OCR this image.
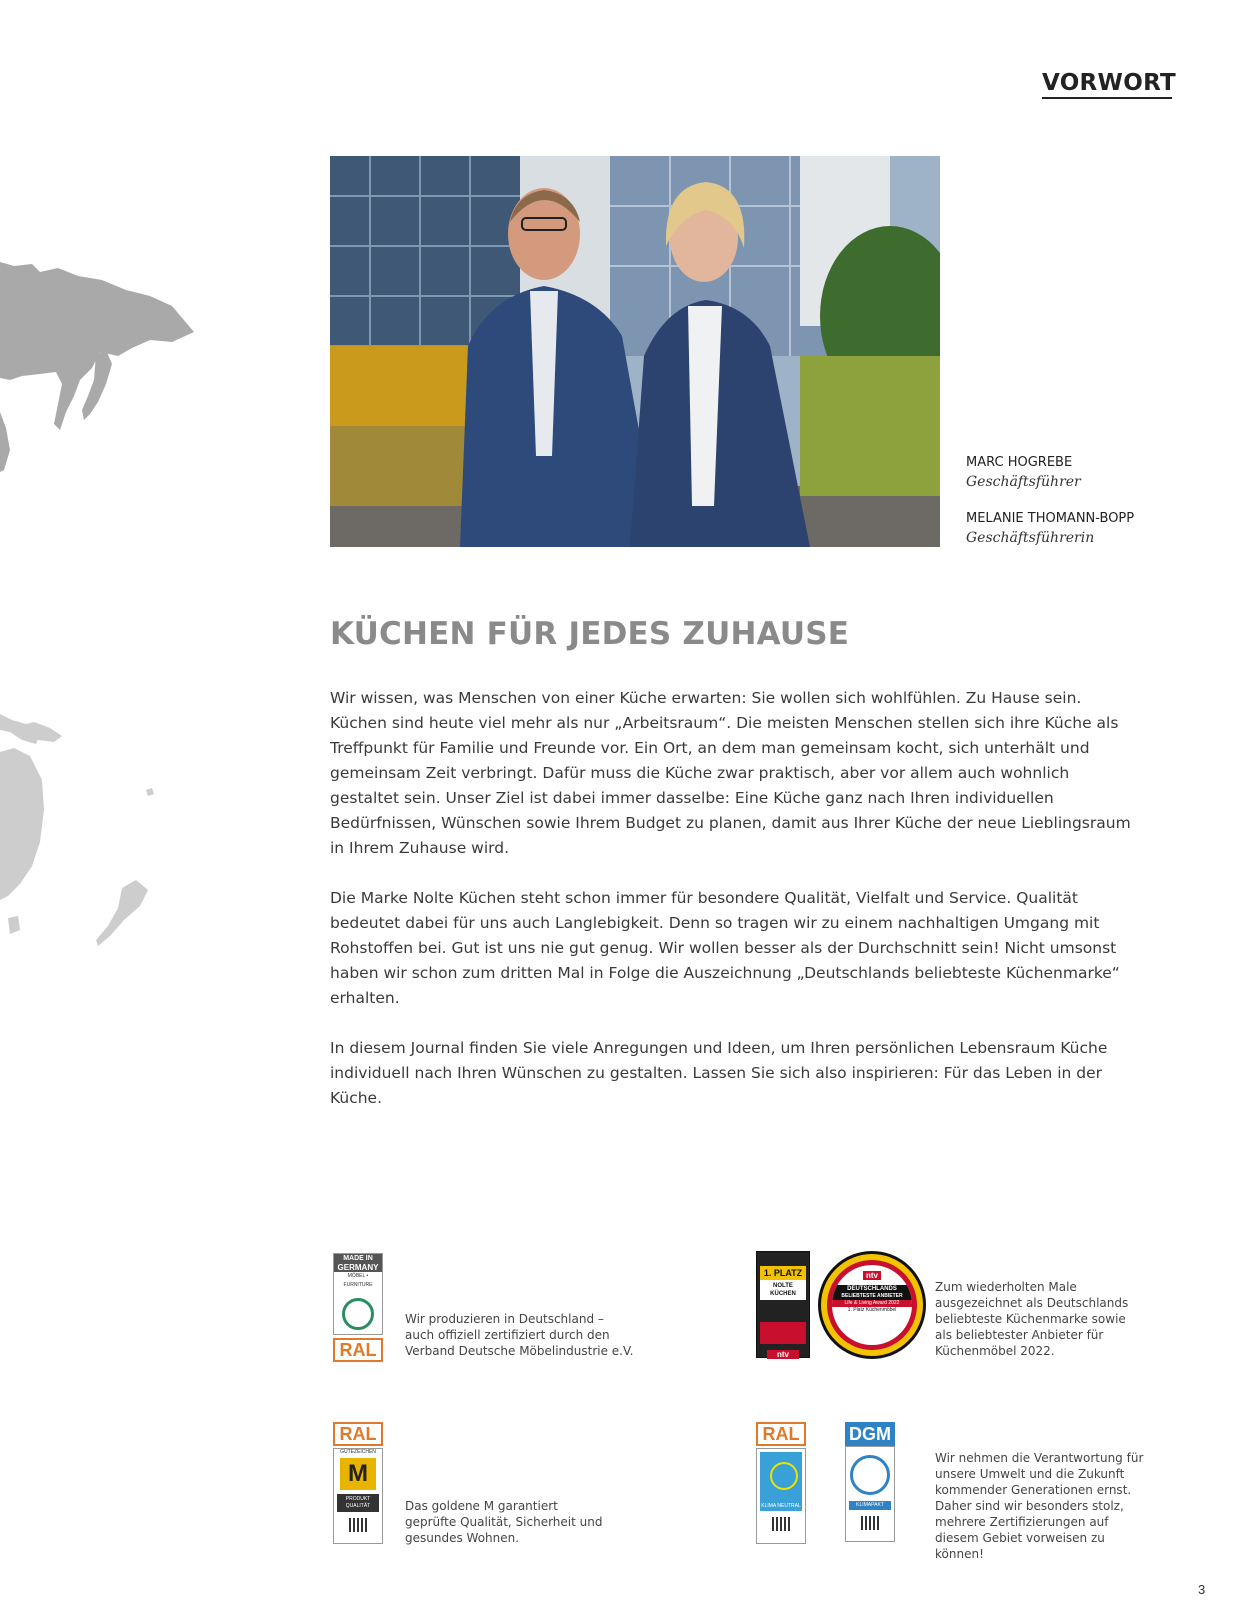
VORWORT
MARC HOGREBE
Geschäftsführer
MELANIE THOMANN-BOPP
Geschäftsführerin
KÜCHEN FÜR JEDES ZUHAUSE

Wir wissen, was Menschen von einer Küche erwarten: Sie wollen sich wohlfühlen. Zu Hause sein. Küchen sind heute viel mehr als nur „Arbeitsraum“. Die meisten Menschen stellen sich ihre Küche als Treffpunkt für Familie und Freunde vor. Ein Ort, an dem man gemeinsam kocht, sich unterhält und gemeinsam Zeit verbringt. Dafür muss die Küche zwar praktisch, aber vor allem auch wohnlich gestaltet sein. Unser Ziel ist dabei immer dasselbe: Eine Küche ganz nach Ihren individuellen Bedürfnissen, Wünschen sowie Ihrem Budget zu planen, damit aus Ihrer Küche der neue Lieblingsraum in Ihrem Zuhause wird.

Die Marke Nolte Küchen steht schon immer für besondere Qualität, Vielfalt und Service. Qualität bedeutet dabei für uns auch Langlebigkeit. Denn so tragen wir zu einem nachhaltigen Umgang mit Rohstoffen bei. Gut ist uns nie gut genug. Wir wollen besser als der Durchschnitt sein! Nicht umsonst haben wir schon zum dritten Mal in Folge die Auszeichnung „Deutschlands beliebteste Küchenmarke“ erhalten.

In diesem Journal finden Sie viele Anregungen und Ideen, um Ihren persönlichen Lebensraum Küche individuell nach Ihren Wünschen zu gestalten. Lassen Sie sich also inspirieren: Für das Leben in der Küche.

MADE IN
GERMANY
MÖBEL • FURNITURE
RAL

Wir produzieren in Deutschland – auch offiziell zertifiziert durch den Verband Deutsche Möbelindustrie e.V.

1. PLATZ
NOLTE KÜCHEN
ntv
ntv
DEUTSCHLANDS
BELIEBTESTE ANBIETER
Life & Living Award 2022
1. Platz Küchenmöbel

Zum wiederholten Male ausgezeichnet als Deutschlands beliebteste Küchenmarke sowie als beliebtester Anbieter für Küchenmöbel 2022.

RAL
GÜTEZEICHEN
M
PRODUKT QUALITÄT	Das goldene M garantiert geprüfte Qualität, Sicherheit und gesundes Wohnen.

RAL
KLIMA NEUTRAL
DGM
KLIMAPAKT

Wir nehmen die Verantwortung für unsere Umwelt und die Zukunft kommender Generationen ernst. Daher sind wir besonders stolz, mehrere Zertifizierungen auf diesem Gebiet vorweisen zu können!

3
